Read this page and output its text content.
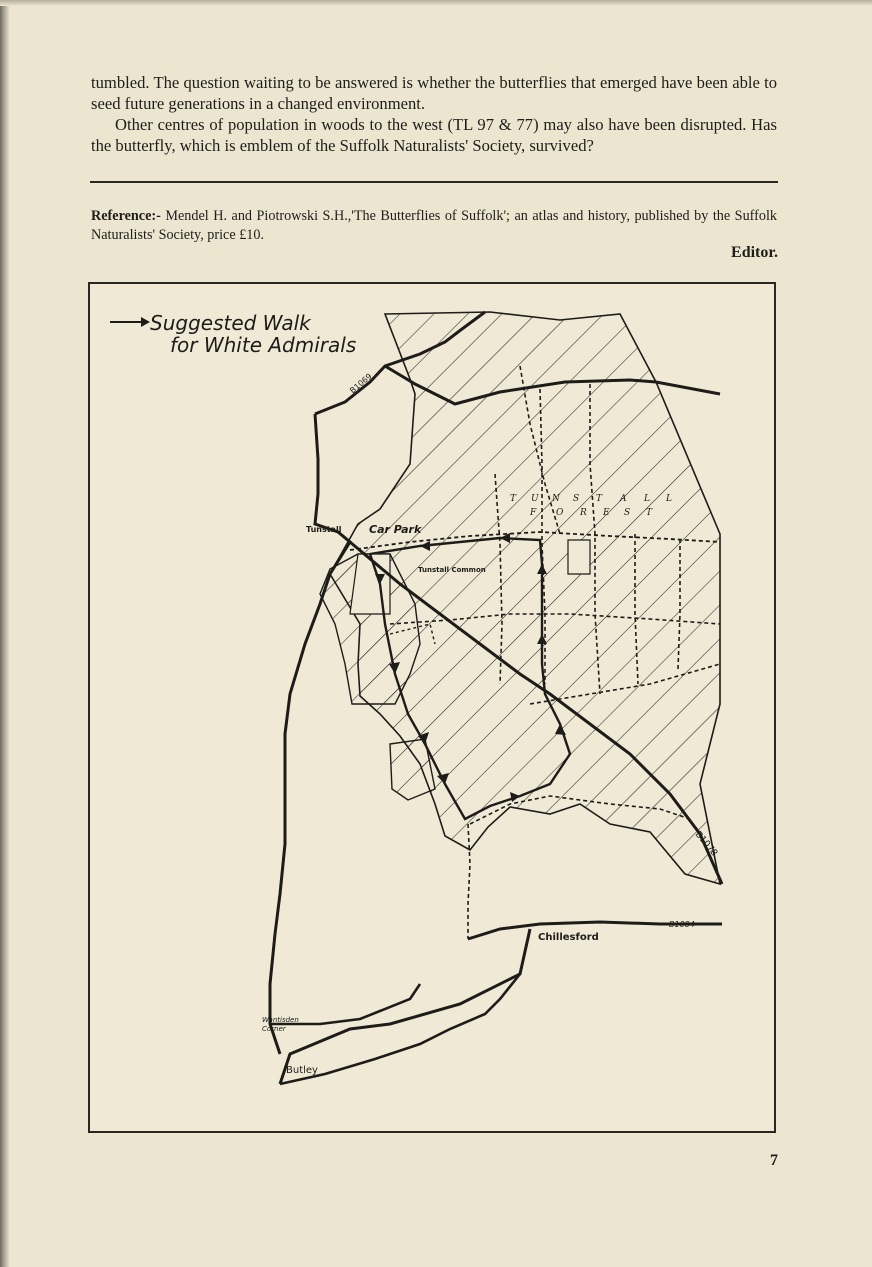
tumbled. The question waiting to be answered is whether the butterflies that emerged have been able to seed future generations in a changed environment.

Other centres of population in woods to the west (TL 97 & 77) may also have been disrupted. Has the butterfly, which is emblem of the Suffolk Naturalists' Society, survived?

Reference:- Mendel H. and Piotrowski S.H.,'The Butterflies of Suffolk'; an atlas and history, published by the Suffolk Naturalists' Society, price £10.

Editor.
Suggested Walk
for White Admirals
B1069
Tunstall	Car Park
Tunstall Common
T U N S T A L L
F O R E S T
B1078
B1084
Chillesford
Wantisden Corner
Butley
7
